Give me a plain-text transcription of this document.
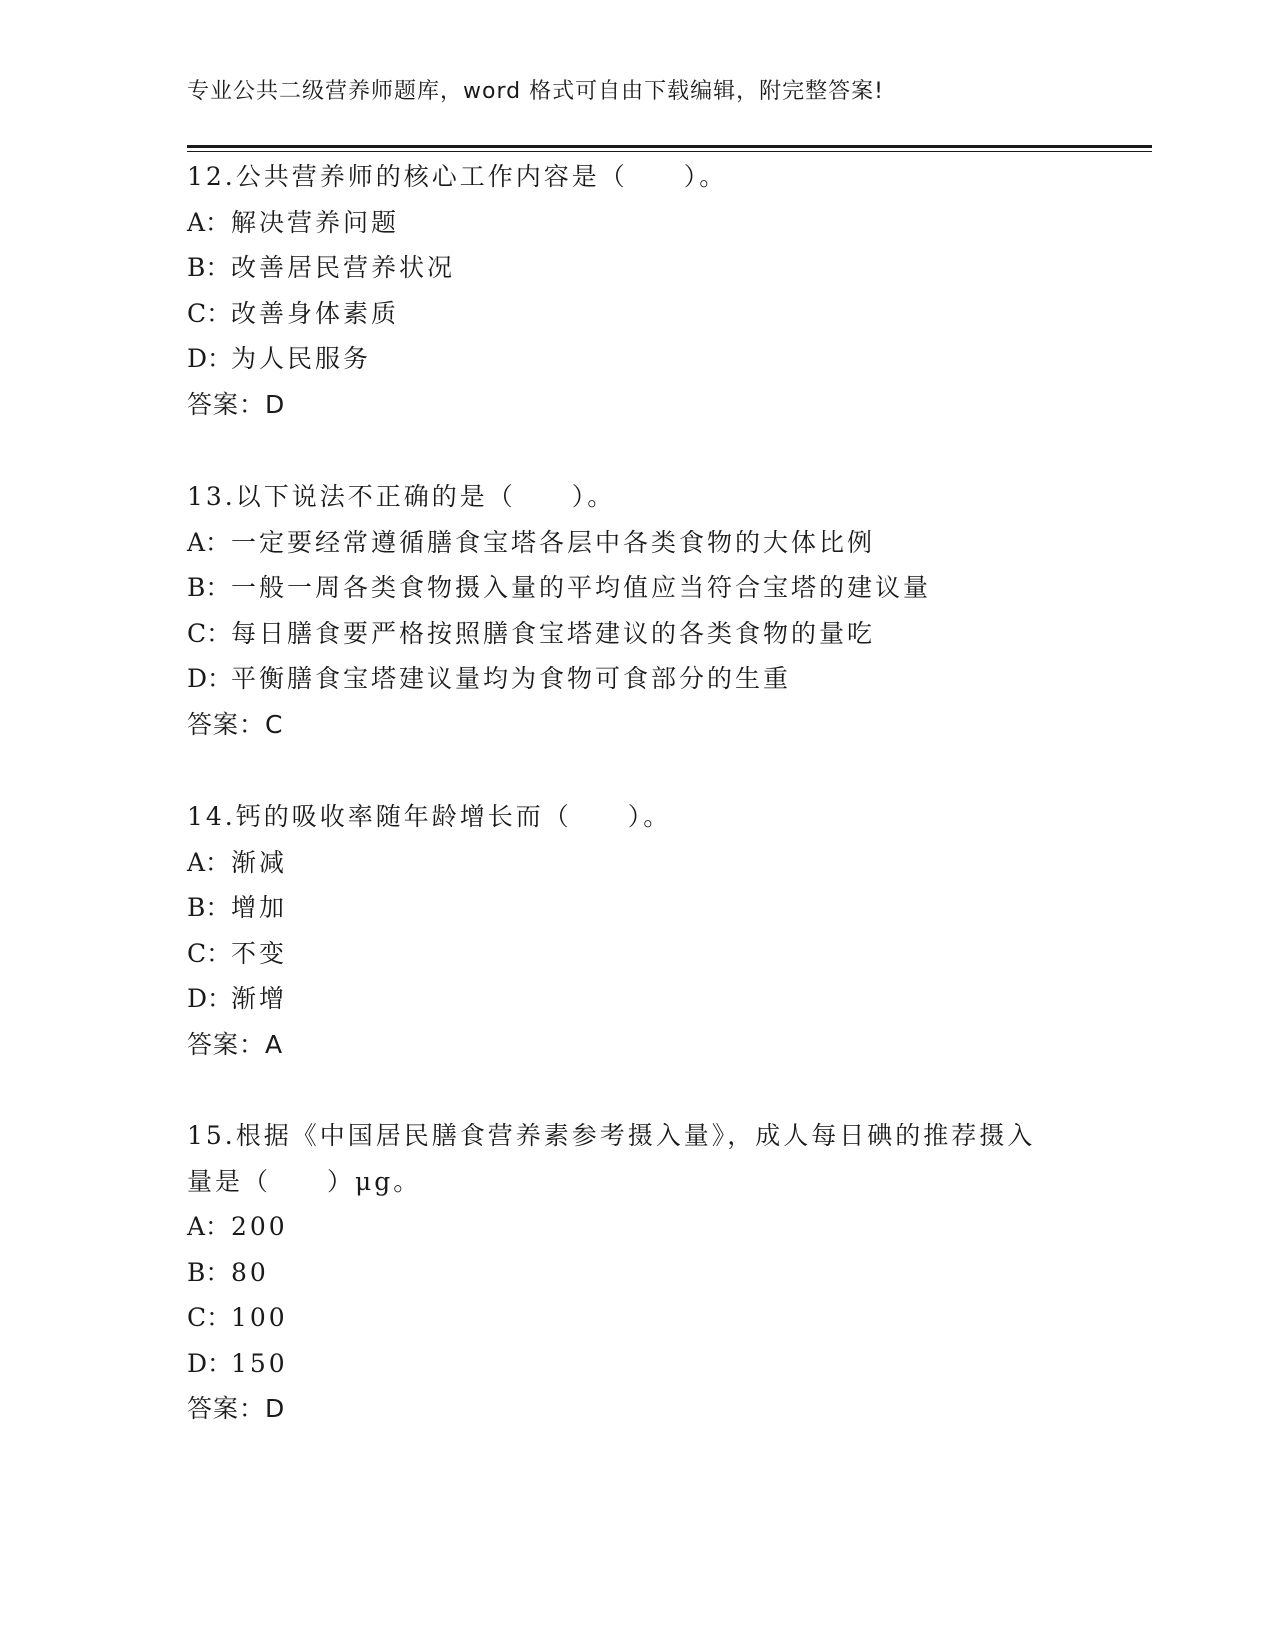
专业公共二级营养师题库，word 格式可自由下载编辑，附完整答案!
12.公共营养师的核心工作内容是（　　）。
A：解决营养问题
B：改善居民营养状况
C：改善身体素质
D：为人民服务
答案：D
13.以下说法不正确的是（　　）。
A：一定要经常遵循膳食宝塔各层中各类食物的大体比例
B：一般一周各类食物摄入量的平均值应当符合宝塔的建议量
C：每日膳食要严格按照膳食宝塔建议的各类食物的量吃
D：平衡膳食宝塔建议量均为食物可食部分的生重
答案：C
14.钙的吸收率随年龄增长而（　　）。
A：渐减
B：增加
C：不变
D：渐增
答案：A
15.根据《中国居民膳食营养素参考摄入量》，成人每日碘的推荐摄入
量是（　　）μg。
A：200
B：80
C：100
D：150
答案：D
